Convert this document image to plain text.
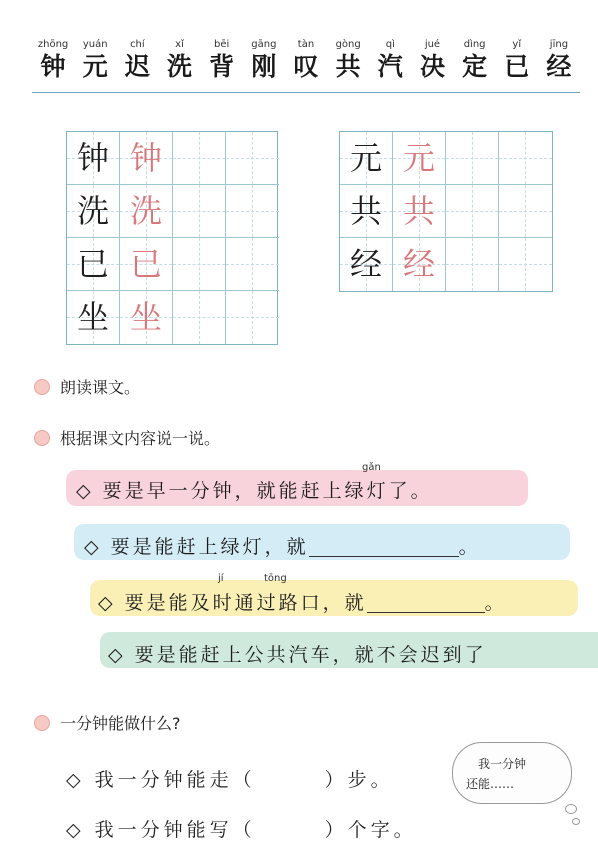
zhōng
钟
yuán
元
chí
迟
xǐ
洗
bēi
背
gāng
刚
tàn
叹
gòng
共
qì
汽
jué
决
dìng
定
yǐ
已
jīng
经
钟 钟
洗 洗
已 已
坐 坐
元 元
共 共
经 经
朗读课文。
根据课文内容说一说。
gǎn
◇ 要是早一分钟，就能赶上绿灯了。
◇ 要是能赶上绿灯，就	。
jí	tōng
◇ 要是能及时通过路口，就	。
◇ 要是能赶上公共汽车，就不会迟到了
一分钟能做什么?
◇ 我一分钟能走（　　　）步。
◇ 我一分钟能写（　　　）个字。
我一分钟
还能……
